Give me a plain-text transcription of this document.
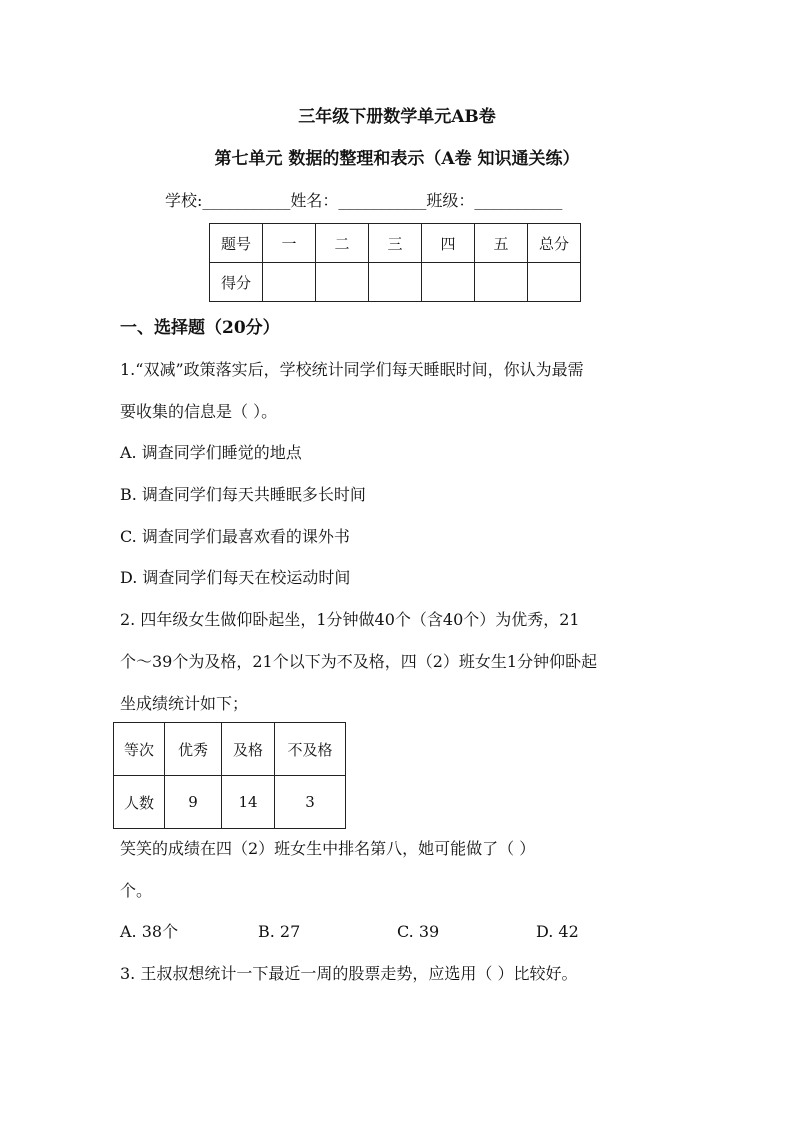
三年级下册数学单元AB卷
第七单元 数据的整理和表示（A卷 知识通关练）
学校:___________姓名：___________班级：___________
题号	一	二	三	四	五	总分
得分						
一、选择题（20分）
1.“双减”政策落实后，学校统计同学们每天睡眠时间，你认为最需
要收集的信息是（ ）。
A. 调查同学们睡觉的地点
B. 调查同学们每天共睡眠多长时间
C. 调查同学们最喜欢看的课外书
D. 调查同学们每天在校运动时间
2. 四年级女生做仰卧起坐，1分钟做40个（含40个）为优秀，21
个～39个为及格，21个以下为不及格，四（2）班女生1分钟仰卧起
坐成绩统计如下；
等次	优秀	及格	不及格
人数	9	14	3
笑笑的成绩在四（2）班女生中排名第八，她可能做了（ ）
个。
A. 38个	B. 27	C. 39	D. 42
3. 王叔叔想统计一下最近一周的股票走势，应选用（ ）比较好。
